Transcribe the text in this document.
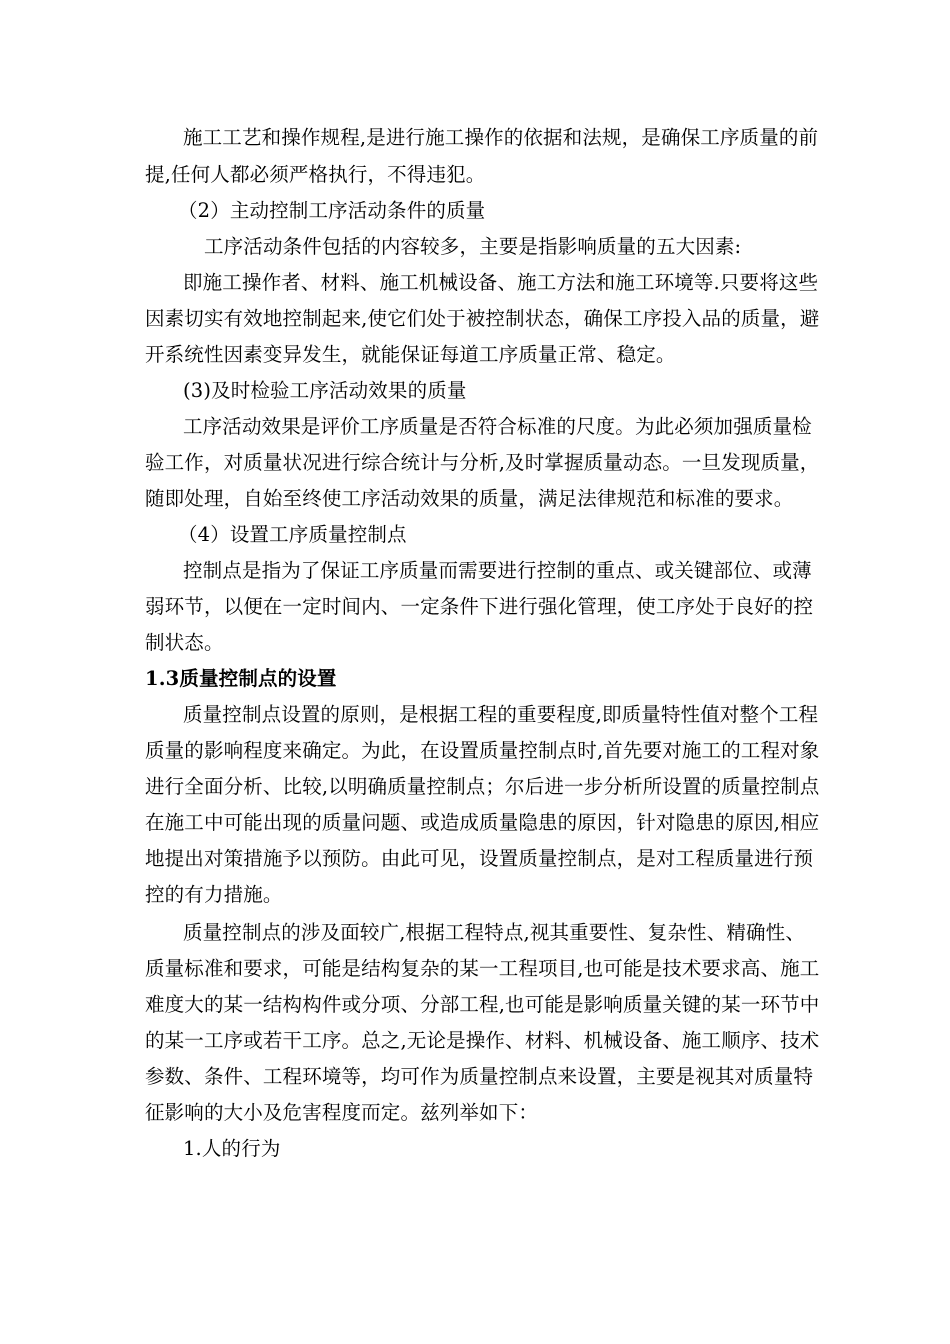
施工工艺和操作规程,是进行施工操作的依据和法规，是确保工序质量的前
提,任何人都必须严格执行，不得违犯。
（2）主动控制工序活动条件的质量
工序活动条件包括的内容较多，主要是指影响质量的五大因素:
即施工操作者、材料、施工机械设备、施工方法和施工环境等.只要将这些
因素切实有效地控制起来,使它们处于被控制状态，确保工序投入品的质量，避
开系统性因素变异发生，就能保证每道工序质量正常、稳定。
(3)及时检验工序活动效果的质量
工序活动效果是评价工序质量是否符合标准的尺度。为此必须加强质量检
验工作，对质量状况进行综合统计与分析,及时掌握质量动态。一旦发现质量，
随即处理，自始至终使工序活动效果的质量，满足法律规范和标准的要求。
（4）设置工序质量控制点
控制点是指为了保证工序质量而需要进行控制的重点、或关键部位、或薄
弱环节，以便在一定时间内、一定条件下进行强化管理，使工序处于良好的控
制状态。
1.3质量控制点的设置
质量控制点设置的原则，是根据工程的重要程度,即质量特性值对整个工程
质量的影响程度来确定。为此，在设置质量控制点时,首先要对施工的工程对象
进行全面分析、比较,以明确质量控制点；尔后进一步分析所设置的质量控制点
在施工中可能出现的质量问题、或造成质量隐患的原因，针对隐患的原因,相应
地提出对策措施予以预防。由此可见，设置质量控制点，是对工程质量进行预
控的有力措施。
质量控制点的涉及面较广,根据工程特点,视其重要性、复杂性、精确性、
质量标准和要求，可能是结构复杂的某一工程项目,也可能是技术要求高、施工
难度大的某一结构构件或分项、分部工程,也可能是影响质量关键的某一环节中
的某一工序或若干工序。总之,无论是操作、材料、机械设备、施工顺序、技术
参数、条件、工程环境等，均可作为质量控制点来设置，主要是视其对质量特
征影响的大小及危害程度而定。兹列举如下：
1.人的行为
